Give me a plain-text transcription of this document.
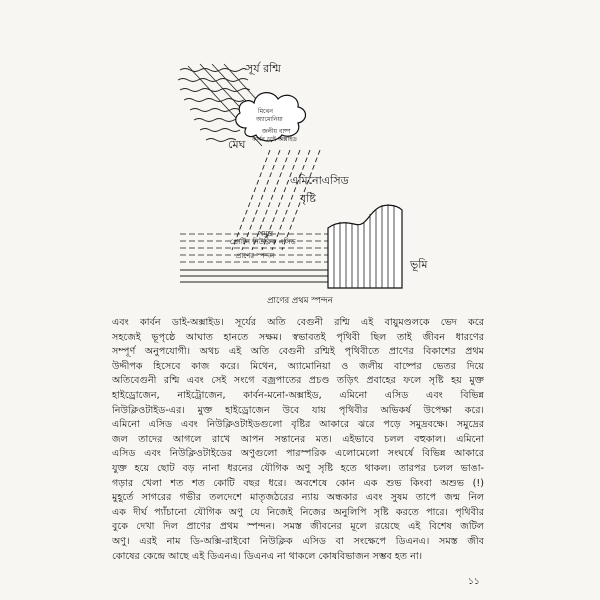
সূর্য রশ্মি
মেঘ
মিথেন
অ্যামোনিয়া
জলীয় বাষ্প
কার্বন ডাই অক্সাইড
এমিনোএসিড
বৃষ্টি
সমুদ্র
প্রোটিন নিউক্লিক এসিড
প্রাণের স্পন্দন
ভূমি
প্রাণের প্রথম স্পন্দন
এবং কার্বন ডাই-অক্সাইড। সূর্যের অতি বেগুনী রশ্মি এই বায়ুমণ্ডলকে ভেদ করে
সহজেই ভূপৃষ্ঠে আঘাত হানতে সক্ষম। স্বভাবতই পৃথিবী ছিল তাই জীবন ধারণের
সম্পূর্ণ অনুপযোগী। অথচ এই অতি বেগুনী রশ্মিই পৃথিবীতে প্রাণের বিকাশের প্রথম
উদ্দীপক হিসেবে কাজ করে। মিথেন, অ্যামোনিয়া ও জলীয় বাষ্পের ভেতর দিয়ে
অতিবেগুনী রশ্মি এবং সেই সংগে বজ্রপাতের প্রচণ্ড তড়িৎ প্রবাহের ফলে সৃষ্টি হয় মুক্ত
হাইড্রোজেন, নাইট্রোজেন, কার্বন-মনো-অক্সাইড, এমিনো এসিড এবং বিভিন্ন
নিউক্লিওটাইড-এর। মুক্ত হাইড্রোজেন উবে যায় পৃথিবীর অভিকর্ষ উপেক্ষা করে।
এমিনো এসিড এবং নিউক্লিওটাইডগুলো বৃষ্টির আকারে ঝরে পড়ে সমুদ্রবক্ষে। সমুদ্রের
জল তাদের আগলে রাখে আপন সন্তানের মত। এইভাবে চলল বহুকাল। এমিনো
এসিড এবং নিউক্লিওটাইডের অণুগুলো পারস্পরিক এলোমেলো সংঘর্ষে বিভিন্ন আকারে
যুক্ত হয়ে ছোট বড় নানা ধরনের যৌগিক অণু সৃষ্টি হতে থাকল। তারপর চলল ভাঙা-
গড়ার খেলা শত শত কোটি বছর ধরে। অবশেষে কোন এক শুভ কিংবা অশুভ (!)
মুহূর্তে সাগরের গভীর তলদেশে মাতৃজঠরের ন্যায় অন্ধকার এবং সুষম তাপে জন্ম নিল
এক দীর্ঘ প্যাঁচানো যৌগিক অণু যে নিজেই নিজের অনুলিপি সৃষ্টি করতে পারে। পৃথিবীর
বুকে দেখা দিল প্রাণের প্রথম স্পন্দন। সমস্ত জীবনের মূলে রয়েছে এই বিশেষ জটিল
অণু। এরই নাম ডি-অক্সি-রাইবো নিউক্লিক এসিড বা সংক্ষেপে ডিএনএ। সমস্ত জীব
কোষের কেন্দ্রে আছে এই ডিএনএ। ডিএনএ না থাকলে কোষবিভাজন সম্ভব হত না।
১১
